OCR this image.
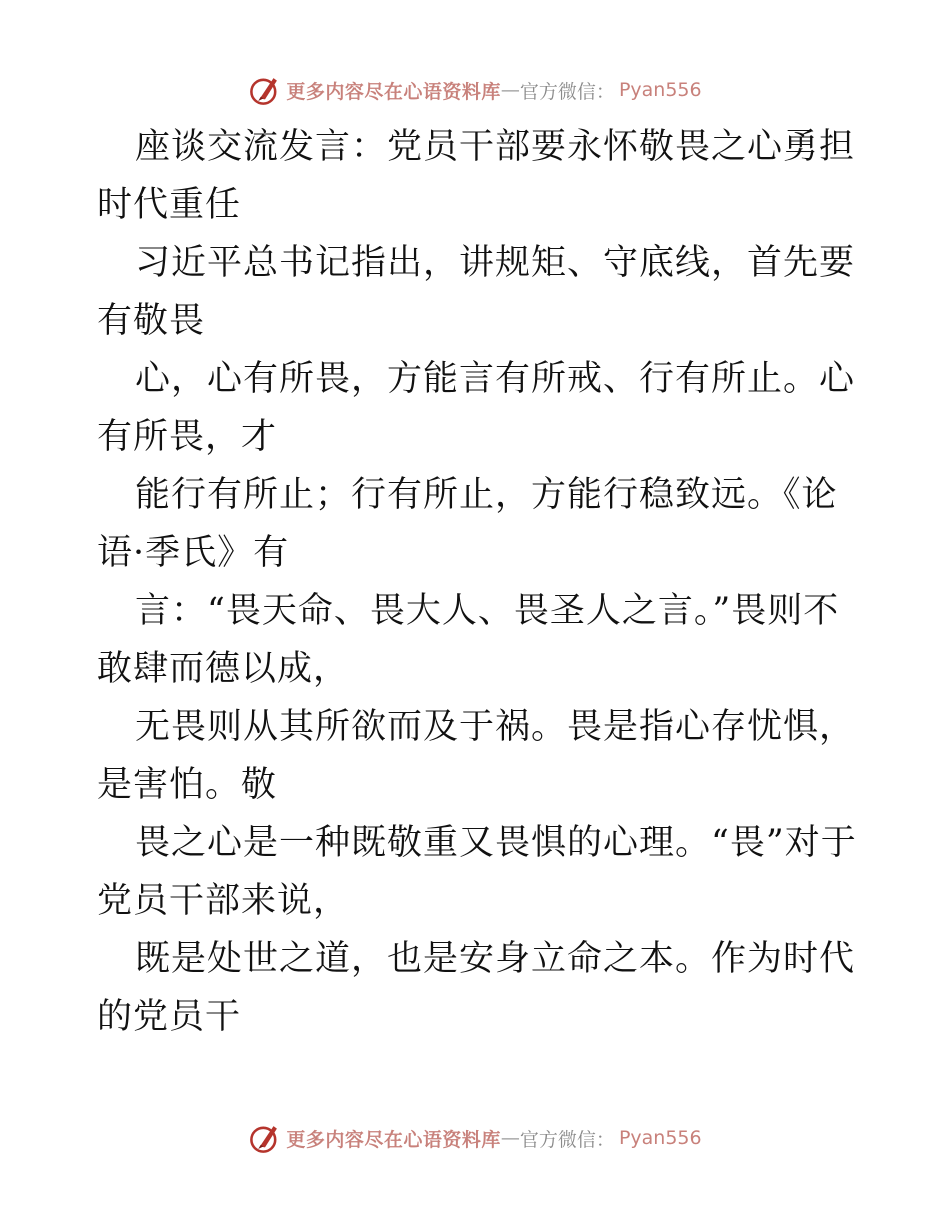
更多内容尽在心语资料库 — 官方微信： Pyan556

座谈交流发言：党员干部要永怀敬畏之心勇担时代重任

习近平总书记指出，讲规矩、守底线，首先要有敬畏

心，心有所畏，方能言有所戒、行有所止。心有所畏，才

能行有所止；行有所止，方能行稳致远。《论语·季氏》有

言：“畏天命、畏大人、畏圣人之言。”畏则不敢肆而德以成，

无畏则从其所欲而及于祸。畏是指心存忧惧，是害怕。敬

畏之心是一种既敬重又畏惧的心理。“畏”对于党员干部来说，

既是处世之道，也是安身立命之本。作为时代的党员干

更多内容尽在心语资料库 — 官方微信： Pyan556
